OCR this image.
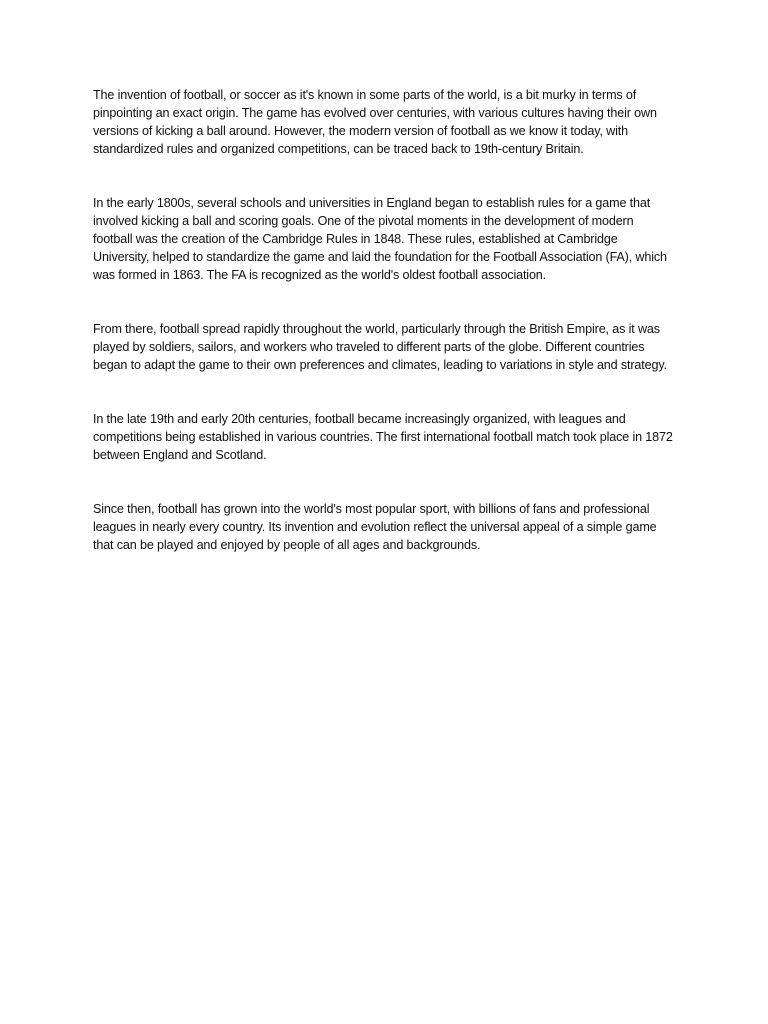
The invention of football, or soccer as it's known in some parts of the world, is a bit murky in terms of pinpointing an exact origin. The game has evolved over centuries, with various cultures having their own versions of kicking a ball around. However, the modern version of football as we know it today, with standardized rules and organized competitions, can be traced back to 19th-century Britain.

In the early 1800s, several schools and universities in England began to establish rules for a game that involved kicking a ball and scoring goals. One of the pivotal moments in the development of modern football was the creation of the Cambridge Rules in 1848. These rules, established at Cambridge University, helped to standardize the game and laid the foundation for the Football Association (FA), which was formed in 1863. The FA is recognized as the world's oldest football association.

From there, football spread rapidly throughout the world, particularly through the British Empire, as it was played by soldiers, sailors, and workers who traveled to different parts of the globe. Different countries began to adapt the game to their own preferences and climates, leading to variations in style and strategy.

In the late 19th and early 20th centuries, football became increasingly organized, with leagues and competitions being established in various countries. The first international football match took place in 1872 between England and Scotland.

Since then, football has grown into the world's most popular sport, with billions of fans and professional leagues in nearly every country. Its invention and evolution reflect the universal appeal of a simple game that can be played and enjoyed by people of all ages and backgrounds.
